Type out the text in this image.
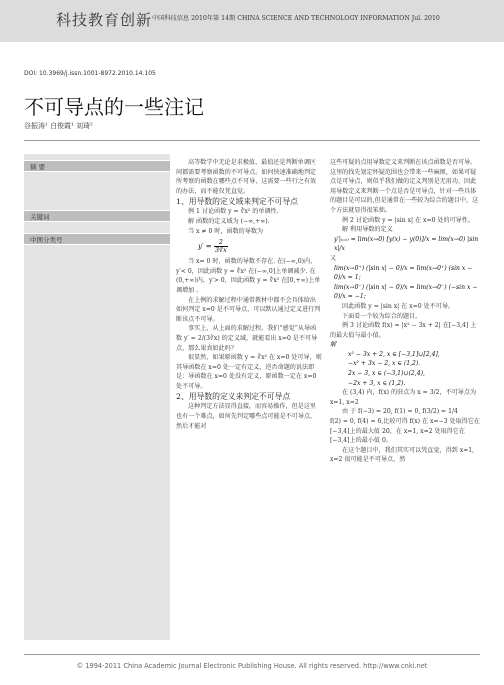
科技教育创新 中国科技信息 2010年第 14期 CHINA SCIENCE AND TECHNOLOGY INFORMATION Jul. 2010
DOI: 10.3969/j.issn.1001-8972.2010.14.105
不可导点的一些注记
谷振涛¹ 白俊霞¹ 刘琦²
摘 要
关键词
中图分类号

高等数学中无论是求极值、最值还是判断单调区间都需要考察函数的不可导点。如何快速准确地判定所考察的函数在哪些点不可导，这需要一些行之有效的办法，而不能仅凭直觉。

1、用导数的定义域来判定不可导点

例 1 讨论函数 y = ∛x² 的单调性.

解 函数的定义域为 (−∞,+∞).

当 x ≠ 0 时，函数的导数为

$y' = \frac{2}{3∛x}$

当 x= 0 时，函数的导数不存在. 在(−∞,0)内，y′< 0，因此函数 y = ∛x² 在(−∞,0]上单调减少. 在(0,+∞)内，y′> 0，因此函数 y = ∛x² 在[0,+∞)上单调增加 。

在上例的求解过程中通常教材中都不会具体给出如何判定 x=0 是不可导点，可以默认通过定义进行判断该点不可导。

事实上，从上面的求解过程，我们“感觉”从导函数 y′ = 2/(3∛x) 的定义域，就能看出 x=0 是不可导点，那么果真如此吗？

很显然，如果原函数 y = ∛x² 在 x=0 处可导，则其导函数在 x=0 处一定有定义，逆否命题的说法即是：导函数在 x=0 处没有定义，原函数一定在 x=0 处不可导。

2、用导数的定义来判定不可导点

这种判定方法显得直接，而容易操作，但是这里也有一个难点，如何先判定哪些点可能是不可导点，然后才能对

这些可疑的点用导数定义来判断在该点函数是否可导。这里的找先划定怀疑范围也会带来一些麻烦，如果可疑点是可导点，则似乎我们做的定义判别是无用功，因此用导数定义来判断一个点是否是可导点，针对一些具体的题目是可以的,但是通常在一些较为综合的题目中，这个方法就显得很笨拙。

例 2 讨论函数 y = |sin x| 在 x=0 处的可导性。

解 利用导数的定义

y′|ₓ₌₀ = lim(x→0) [y(x) − y(0)]/x = lim(x→0) |sin x|/x

又

lim(x→0⁺) (|sin x| − 0)/x = lim(x→0⁺) (sin x − 0)/x = 1;

lim(x→0⁻) (|sin x| − 0)/x = lim(x→0⁻) (−sin x − 0)/x = −1;

因此函数 y = |sin x| 在 x=0 处不可导。

下面看一个较为综合的题目。

例 3 讨论函数 f(x) = |x² − 3x + 2| 在[−3,4] 上的最大值与最小值。

解

x² − 3x + 2, x ∈ [−3,1]∪[2,4],

−x² + 3x − 2, x ∈ (1,2).

2x − 3, x ∈ (−3,1)∪(2,4),

−2x + 3, x ∈ (1,2).

在 (3,4) 内，f(x) 的驻点为 x = 3/2，不可导点为 x=1, x=2

由 于 f(−3) = 20, f(1) = 0, f(3/2) = 1/4

f(2) = 0, f(4) = 6,比较可得 f(x) 在 x=−3 处取得它在[−3,4]上的最大值 20，在 x=1, x=2 处取得它在[−3,4]上的最小值 0。

在这个题目中，我们其实可以凭直觉，得到 x=1, x=2 很可能是不可导点，然

© 1994-2011 China Academic Journal Electronic Publishing House. All rights reserved. http://www.cnki.net
